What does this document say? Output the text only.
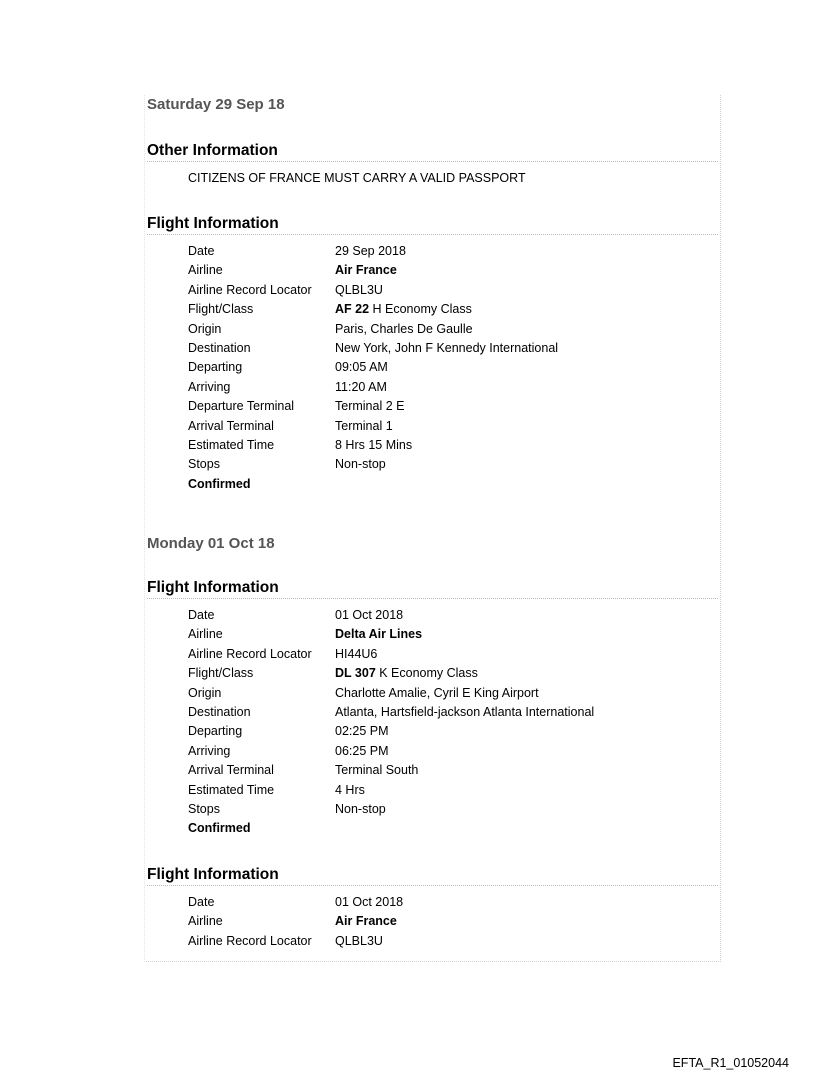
Saturday 29 Sep 18
Other Information
CITIZENS OF FRANCE MUST CARRY A VALID PASSPORT
Flight Information
Date	29 Sep 2018
Airline	Air France
Airline Record Locator	QLBL3U
Flight/Class	AF 22 H Economy Class
Origin	Paris, Charles De Gaulle
Destination	New York, John F Kennedy International
Departing	09:05 AM
Arriving	11:20 AM
Departure Terminal	Terminal 2 E
Arrival Terminal	Terminal 1
Estimated Time	8 Hrs 15 Mins
Stops	Non-stop
Confirmed
Monday 01 Oct 18
Flight Information
Date	01 Oct 2018
Airline	Delta Air Lines
Airline Record Locator	HI44U6
Flight/Class	DL 307 K Economy Class
Origin	Charlotte Amalie, Cyril E King Airport
Destination	Atlanta, Hartsfield-jackson Atlanta International
Departing	02:25 PM
Arriving	06:25 PM
Arrival Terminal	Terminal South
Estimated Time	4 Hrs
Stops	Non-stop
Confirmed
Flight Information
Date	01 Oct 2018
Airline	Air France
Airline Record Locator	QLBL3U
EFTA_R1_01052044
